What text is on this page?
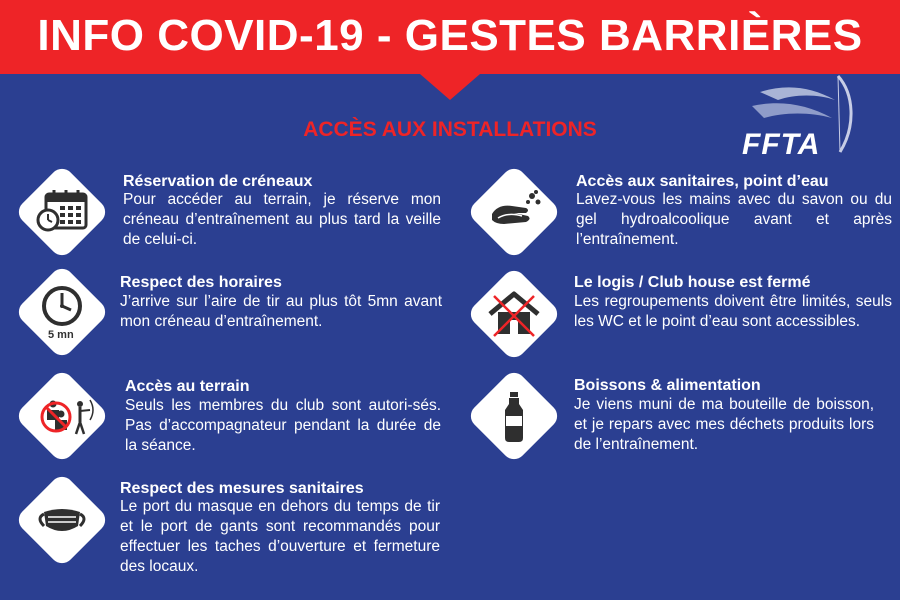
INFO COVID-19 - GESTES BARRIÈRES
FFTA
ACCÈS AUX INSTALLATIONS
Réservation de créneaux
Pour accéder au terrain, je réserve mon créneau d’entraînement au plus tard la veille de celui-ci.
5 mn
Respect des horaires
J’arrive sur l’aire de tir au plus tôt 5mn avant mon créneau d’entraînement.
Accès au terrain
Seuls les membres du club sont autori-sés. Pas d’accompagnateur pendant la durée de la séance.
Respect des mesures sanitaires
Le port du masque en dehors du temps de tir et le port de gants sont recommandés pour effectuer les taches d’ouverture et fermeture des locaux.
Accès aux sanitaires, point d’eau
Lavez-vous les mains avec du savon ou du gel hydroalcoolique avant et après l’entraînement.
Le logis / Club house est fermé
Les regroupements doivent être limités, seuls les WC et le point d’eau sont accessibles.
Boissons & alimentation
Je viens muni de ma bouteille de boisson, et je repars avec mes déchets produits lors de l’entraînement.
